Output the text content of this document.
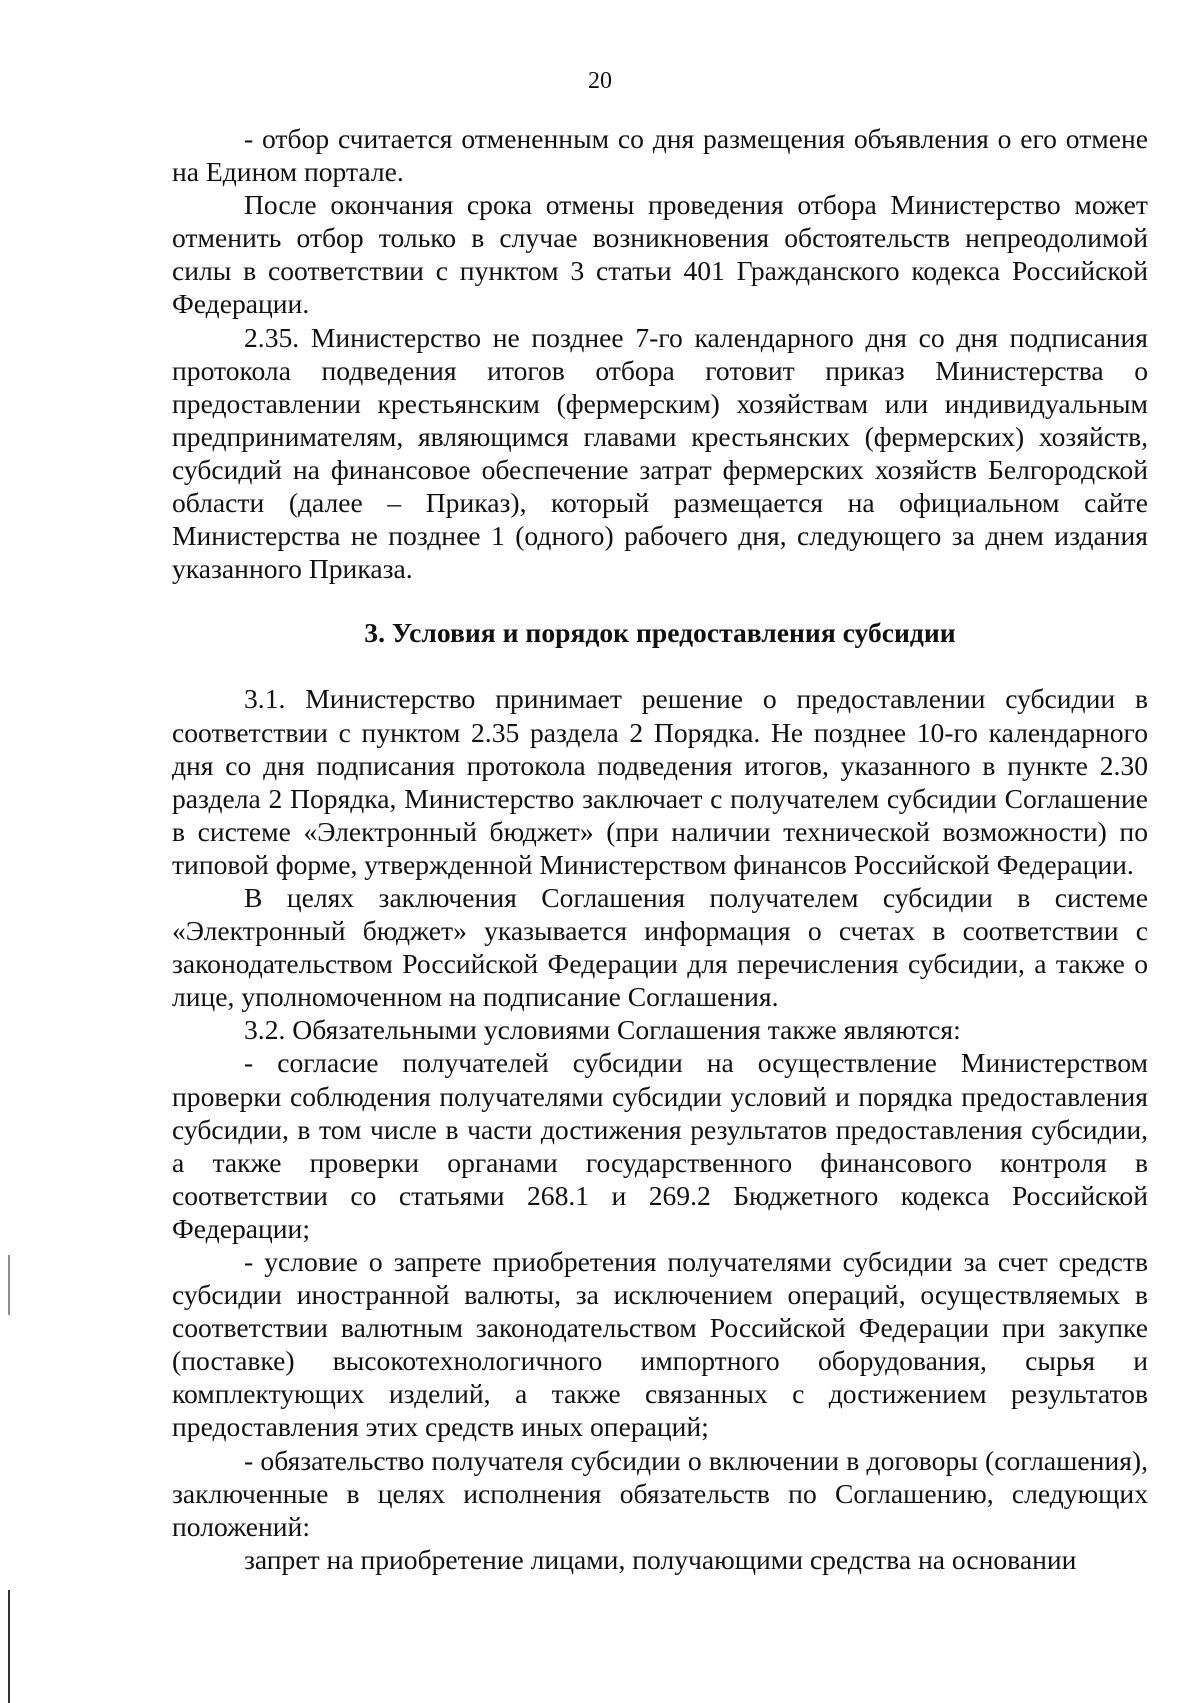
20

- отбор считается отмененным со дня размещения объявления о его отмене на Едином портале.

После окончания срока отмены проведения отбора Министерство может отменить отбор только в случае возникновения обстоятельств непреодолимой силы в соответствии с пунктом 3 статьи 401 Гражданского кодекса Российской Федерации.

2.35. Министерство не позднее 7-го календарного дня со дня подписания протокола подведения итогов отбора готовит приказ Министерства о предоставлении крестьянским (фермерским) хозяйствам или индивидуальным предпринимателям, являющимся главами крестьянских (фермерских) хозяйств, субсидий на финансовое обеспечение затрат фермерских хозяйств Белгородской области (далее – Приказ), который размещается на официальном сайте Министерства не позднее 1 (одного) рабочего дня, следующего за днем издания указанного Приказа.

3. Условия и порядок предоставления субсидии

3.1. Министерство принимает решение о предоставлении субсидии в соответствии с пунктом 2.35 раздела 2 Порядка. Не позднее 10-го календарного дня со дня подписания протокола подведения итогов, указанного в пункте 2.30 раздела 2 Порядка, Министерство заключает с получателем субсидии Соглашение в системе «Электронный бюджет» (при наличии технической возможности) по типовой форме, утвержденной Министерством финансов Российской Федерации.

В целях заключения Соглашения получателем субсидии в системе «Электронный бюджет» указывается информация о счетах в соответствии с законодательством Российской Федерации для перечисления субсидии, а также о лице, уполномоченном на подписание Соглашения.

3.2. Обязательными условиями Соглашения также являются:

- согласие получателей субсидии на осуществление Министерством проверки соблюдения получателями субсидии условий и порядка предоставления субсидии, в том числе в части достижения результатов предоставления субсидии, а также проверки органами государственного финансового контроля в соответствии со статьями 268.1 и 269.2 Бюджетного кодекса Российской Федерации;

- условие о запрете приобретения получателями субсидии за счет средств субсидии иностранной валюты, за исключением операций, осуществляемых в соответствии валютным законодательством Российской Федерации при закупке (поставке) высокотехнологичного импортного оборудования, сырья и комплектующих изделий, а также связанных с достижением результатов предоставления этих средств иных операций;

- обязательство получателя субсидии о включении в договоры (соглашения), заключенные в целях исполнения обязательств по Соглашению, следующих положений:

запрет на приобретение лицами, получающими средства на основании
